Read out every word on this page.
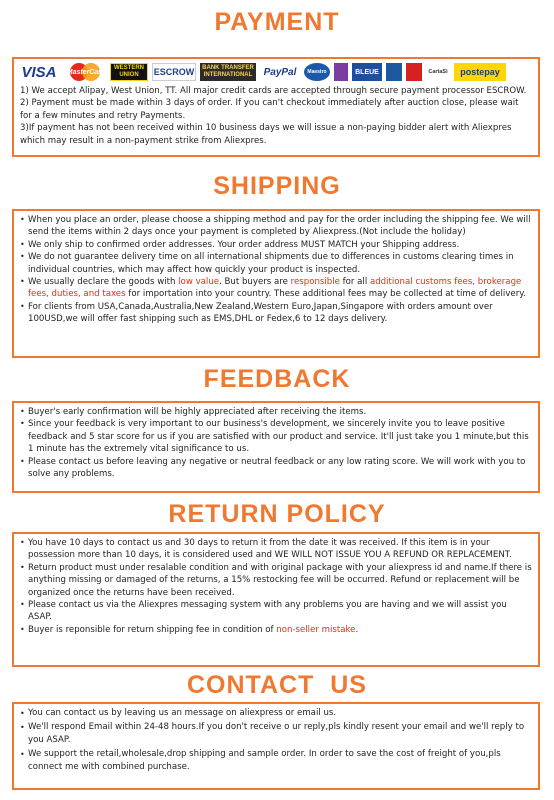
PAYMENT
VISA	MasterCard
WESTERN UNION	ESCROW	BANK TRANSFER INTERNATIONAL	PayPal	Maestro	BLEUE	CartaSi	postepay

1) We accept Alipay, West Union, TT. All major credit cards are accepted through secure payment processor ESCROW.

2) Payment must be made within 3 days of order. If you can't checkout immediately after auction close, please wait for a few minutes and retry Payments.

3)If payment has not been received within 10 business days we will issue a non-paying bidder alert with Aliexpres which may result in a non-payment strike from Aliexpres.

SHIPPING
• When you place an order, please choose a shipping method and pay for the order including the shipping fee. We will send the items within 2 days once your payment is completed by Aliexpress.(Not include the holiday)
• We only ship to confirmed order addresses. Your order address MUST MATCH your Shipping address.
• We do not guarantee delivery time on all international shipments due to differences in customs clearing times in individual countries, which may affect how quickly your product is inspected.
• We usually declare the goods with low value. But buyers are responsible for all additional customs fees, brokerage fees, duties, and taxes for importation into your country. These additional fees may be collected at time of delivery.
• For clients from USA,Canada,Australia,New Zealand,Western Euro,Japan,Singapore with orders amount over 100USD,we will offer fast shipping such as EMS,DHL or Fedex,6 to 12 days delivery.
FEEDBACK
• Buyer's early confirmation will be highly appreciated after receiving the items.
• Since your feedback is very important to our business's development, we sincerely invite you to leave positive feedback and 5 star score for us if you are satisfied with our product and service. It'll just take you 1 minute,but this 1 minute has the extremely vital significance to us.
• Please contact us before leaving any negative or neutral feedback or any low rating score. We will work with you to solve any problems.
RETURN POLICY
• You have 10 days to contact us and 30 days to return it from the date it was received. If this item is in your possession more than 10 days, it is considered used and WE WILL NOT ISSUE YOU A REFUND OR REPLACEMENT.
• Return product must under resalable condition and with original package with your aliexpress id and name.If there is anything missing or damaged of the returns, a 15% restocking fee will be occurred. Refund or replacement will be organized once the returns have been received.
• Please contact us via the Aliexpres messaging system with any problems you are having and we will assist you ASAP.
• Buyer is reponsible for return shipping fee in condition of non-seller mistake.
CONTACT  US
• You can contact us by leaving us an message on aliexpress or email us.
• We'll respond Email within 24-48 hours.If you don't receive o ur reply,pls kindly resent your email and we'll reply to you ASAP.
• We support the retail,wholesale,drop shipping and sample order. In order to save the cost of freight of you,pls connect me with combined purchase.
